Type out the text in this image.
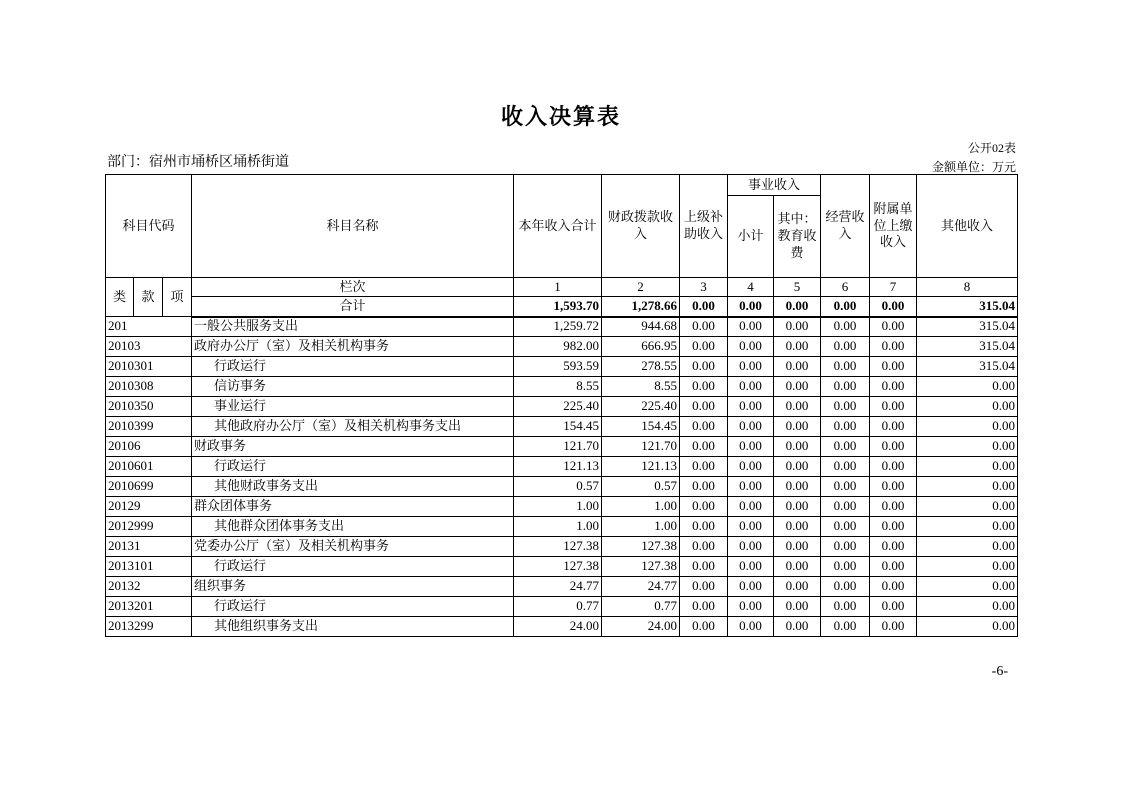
收入决算表
公开02表
部门：宿州市埇桥区埇桥街道	金额单位：万元
科目代码			科目名称	本年收入合计	财政拨款收入	上级补助收入	事业收入		经营收入	附属单位上缴收入	其他收入
							小计	其中：教育收费			
类	款	项	栏次	1	2	3	4	5	6	7	8
			合计	1,593.70	1,278.66	0.00	0.00	0.00	0.00	0.00	315.04
201			一般公共服务支出	1,259.72	944.68	0.00	0.00	0.00	0.00	0.00	315.04
20103			政府办公厅（室）及相关机构事务	982.00	666.95	0.00	0.00	0.00	0.00	0.00	315.04
2010301			行政运行	593.59	278.55	0.00	0.00	0.00	0.00	0.00	315.04
2010308			信访事务	8.55	8.55	0.00	0.00	0.00	0.00	0.00	0.00
2010350			事业运行	225.40	225.40	0.00	0.00	0.00	0.00	0.00	0.00
2010399			其他政府办公厅（室）及相关机构事务支出	154.45	154.45	0.00	0.00	0.00	0.00	0.00	0.00
20106			财政事务	121.70	121.70	0.00	0.00	0.00	0.00	0.00	0.00
2010601			行政运行	121.13	121.13	0.00	0.00	0.00	0.00	0.00	0.00
2010699			其他财政事务支出	0.57	0.57	0.00	0.00	0.00	0.00	0.00	0.00
20129			群众团体事务	1.00	1.00	0.00	0.00	0.00	0.00	0.00	0.00
2012999			其他群众团体事务支出	1.00	1.00	0.00	0.00	0.00	0.00	0.00	0.00
20131			党委办公厅（室）及相关机构事务	127.38	127.38	0.00	0.00	0.00	0.00	0.00	0.00
2013101			行政运行	127.38	127.38	0.00	0.00	0.00	0.00	0.00	0.00
20132			组织事务	24.77	24.77	0.00	0.00	0.00	0.00	0.00	0.00
2013201			行政运行	0.77	0.77	0.00	0.00	0.00	0.00	0.00	0.00
2013299			其他组织事务支出	24.00	24.00	0.00	0.00	0.00	0.00	0.00	0.00
-6-
